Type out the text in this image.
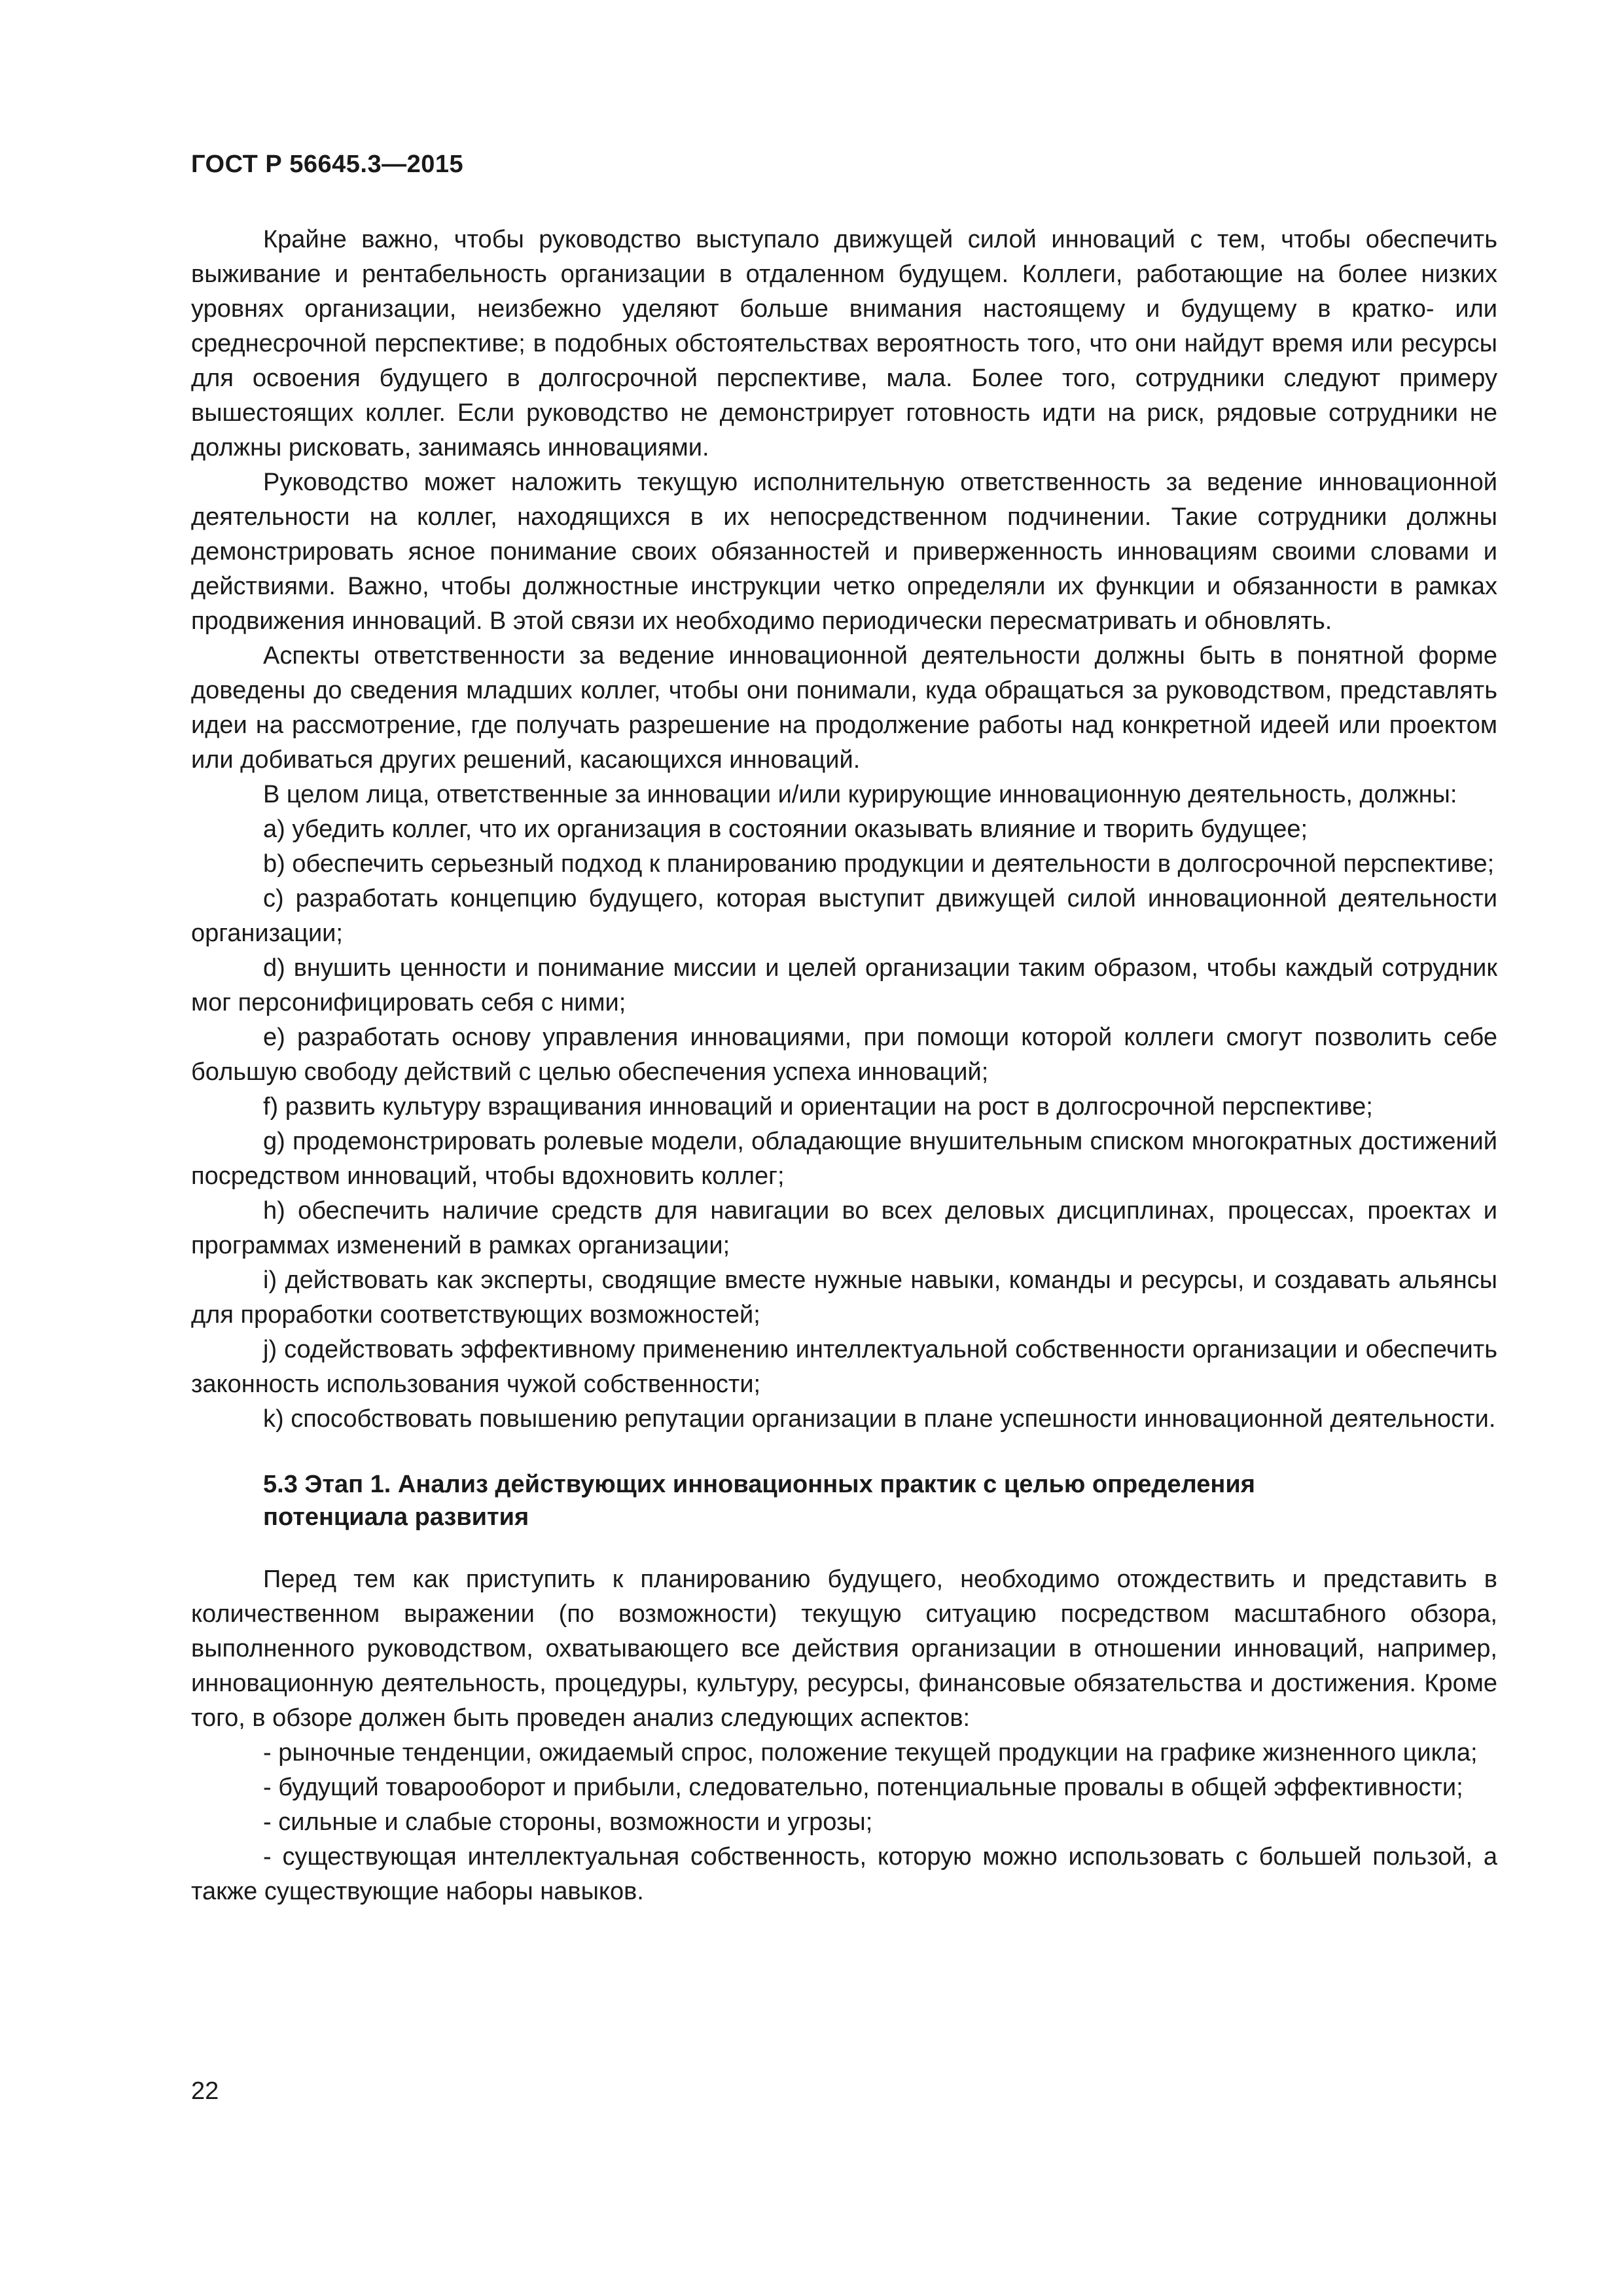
ГОСТ Р 56645.3—2015

Крайне важно, чтобы руководство выступало движущей силой инноваций с тем, чтобы обеспечить выживание и рентабельность организации в отдаленном будущем. Коллеги, работающие на более низких уровнях организации, неизбежно уделяют больше внимания настоящему и будущему в кратко- или среднесрочной перспективе; в подобных обстоятельствах вероятность того, что они найдут время или ресурсы для освоения будущего в долгосрочной перспективе, мала. Более того, сотрудники следуют примеру вышестоящих коллег. Если руководство не демонстрирует готовность идти на риск, рядовые сотрудники не должны рисковать, занимаясь инновациями.

Руководство может наложить текущую исполнительную ответственность за ведение инновационной деятельности на коллег, находящихся в их непосредственном подчинении. Такие сотрудники должны демонстрировать ясное понимание своих обязанностей и приверженность инновациям своими словами и действиями. Важно, чтобы должностные инструкции четко определяли их функции и обязанности в рамках продвижения инноваций. В этой связи их необходимо периодически пересматривать и обновлять.

Аспекты ответственности за ведение инновационной деятельности должны быть в понятной форме доведены до сведения младших коллег, чтобы они понимали, куда обращаться за руководством, представлять идеи на рассмотрение, где получать разрешение на продолжение работы над конкретной идеей или проектом или добиваться других решений, касающихся инноваций.

В целом лица, ответственные за инновации и/или курирующие инновационную деятельность, должны:

a) убедить коллег, что их организация в состоянии оказывать влияние и творить будущее;

b) обеспечить серьезный подход к планированию продукции и деятельности в долгосрочной перспективе;

c) разработать концепцию будущего, которая выступит движущей силой инновационной деятельности организации;

d) внушить ценности и понимание миссии и целей организации таким образом, чтобы каждый сотрудник мог персонифицировать себя с ними;

e) разработать основу управления инновациями, при помощи которой коллеги смогут позволить себе большую свободу действий с целью обеспечения успеха инноваций;

f) развить культуру взращивания инноваций и ориентации на рост в долгосрочной перспективе;

g) продемонстрировать ролевые модели, обладающие внушительным списком многократных достижений посредством инноваций, чтобы вдохновить коллег;

h) обеспечить наличие средств для навигации во всех деловых дисциплинах, процессах, проектах и программах изменений в рамках организации;

i) действовать как эксперты, сводящие вместе нужные навыки, команды и ресурсы, и создавать альянсы для проработки соответствующих возможностей;

j) содействовать эффективному применению интеллектуальной собственности организации и обеспечить законность использования чужой собственности;

k) способствовать повышению репутации организации в плане успешности инновационной деятельности.

5.3 Этап 1. Анализ действующих инновационных практик с целью определения
потенциала развития

Перед тем как приступить к планированию будущего, необходимо отождествить и представить в количественном выражении (по возможности) текущую ситуацию посредством масштабного обзора, выполненного руководством, охватывающего все действия организации в отношении инноваций, например, инновационную деятельность, процедуры, культуру, ресурсы, финансовые обязательства и достижения. Кроме того, в обзоре должен быть проведен анализ следующих аспектов:

- рыночные тенденции, ожидаемый спрос, положение текущей продукции на графике жизненного цикла;

- будущий товарооборот и прибыли, следовательно, потенциальные провалы в общей эффективности;

- сильные и слабые стороны, возможности и угрозы;

- существующая интеллектуальная собственность, которую можно использовать с большей пользой, а также существующие наборы навыков.

22
